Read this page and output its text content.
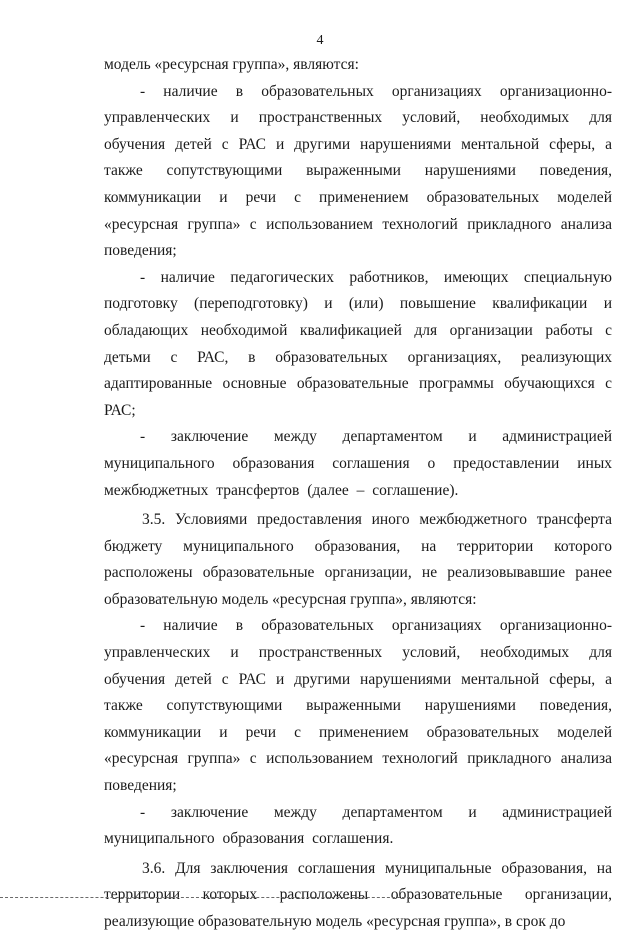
4

модель «ресурсная группа», являются:

- наличие в образовательных организациях организационно-управленческих и пространственных условий, необходимых для обучения детей с РАС и другими нарушениями ментальной сферы, а также сопутствующими выраженными нарушениями поведения, коммуникации и речи с применением образовательных моделей «ресурсная группа» с использованием технологий прикладного анализа поведения;

- наличие педагогических работников, имеющих специальную подготовку (переподготовку) и (или) повышение квалификации и обладающих необходимой квалификацией для организации работы с детьми с РАС, в образовательных организациях, реализующих адаптированные основные образовательные программы обучающихся с РАС;

- заключение между департаментом и администрацией муниципального образования соглашения о предоставлении иных межбюджетных трансфертов (далее – соглашение).

3.5. Условиями предоставления иного межбюджетного трансферта бюджету муниципального образования, на территории которого расположены образовательные организации, не реализовывавшие ранее образовательную модель «ресурсная группа», являются:

- наличие в образовательных организациях организационно-управленческих и пространственных условий, необходимых для обучения детей с РАС и другими нарушениями ментальной сферы, а также сопутствующими выраженными нарушениями поведения, коммуникации и речи с применением образовательных моделей «ресурсная группа» с использованием технологий прикладного анализа поведения;

- заключение между департаментом и администрацией муниципального образования соглашения.

3.6. Для заключения соглашения муниципальные образования, на территории которых расположены образовательные организации, реализующие образовательную модель «ресурсная группа», в срок до
